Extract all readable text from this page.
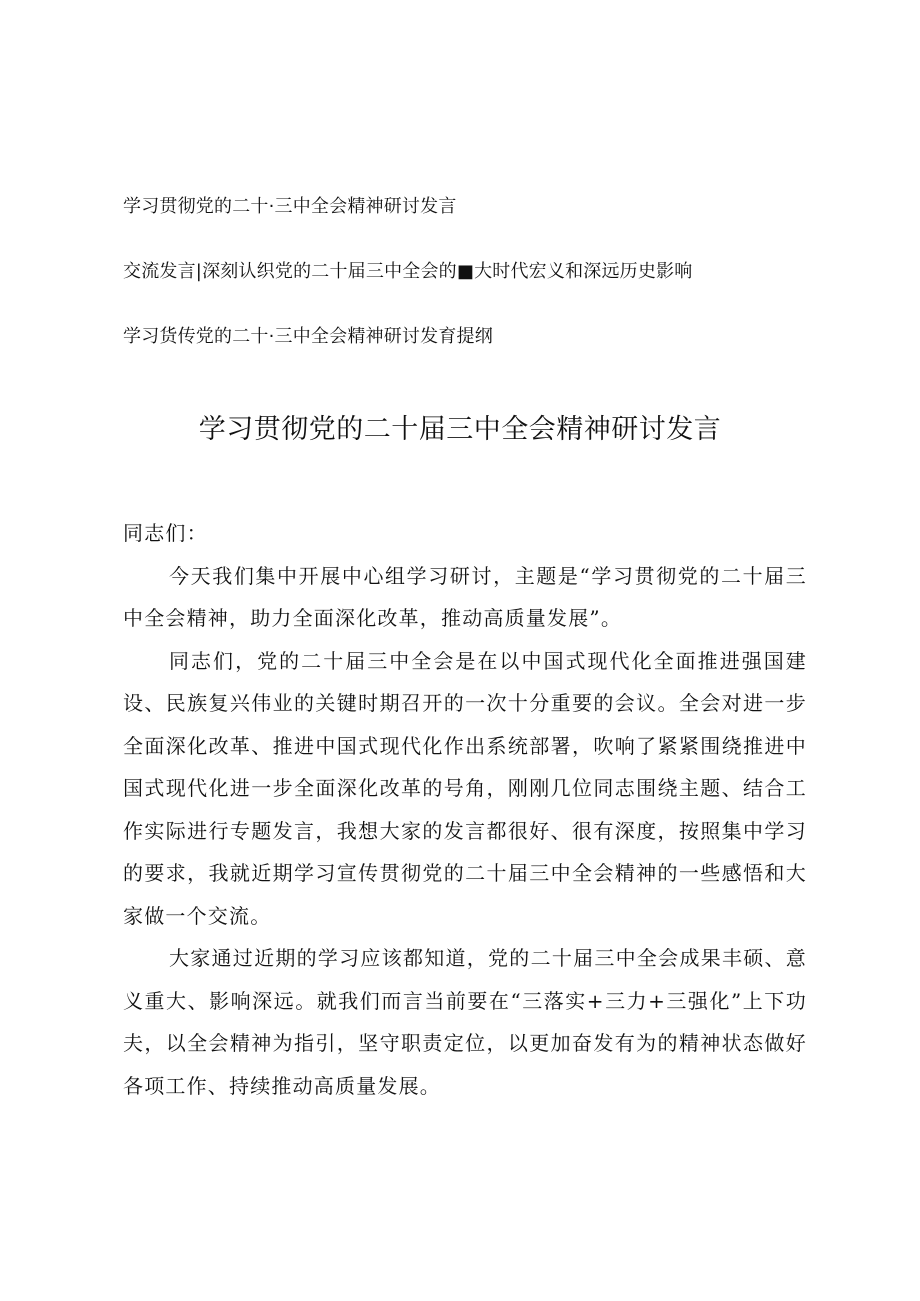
学习贯彻党的二十·三中全会精神研讨发言
交流发言|深刻认织党的二十届三中全会的■大时代宏义和深远历史影响
学习货传党的二十·三中全会精神研讨发育提纲
学习贯彻党的二十届三中全会精神研讨发言

同志们：

今天我们集中开展中心组学习研讨，主题是“学习贯彻党的二十届三中全会精神，助力全面深化改革，推动高质量发展”。

同志们，党的二十届三中全会是在以中国式现代化全面推进强国建设、民族复兴伟业的关键时期召开的一次十分重要的会议。全会对进一步全面深化改革、推进中国式现代化作出系统部署，吹响了紧紧围绕推进中国式现代化进一步全面深化改革的号角，刚刚几位同志围绕主题、结合工作实际进行专题发言，我想大家的发言都很好、很有深度，按照集中学习的要求，我就近期学习宣传贯彻党的二十届三中全会精神的一些感悟和大家做一个交流。

大家通过近期的学习应该都知道，党的二十届三中全会成果丰硕、意义重大、影响深远。就我们而言当前要在“三落实+三力+三强化”上下功夫，以全会精神为指引，坚守职责定位，以更加奋发有为的精神状态做好各项工作、持续推动高质量发展。
